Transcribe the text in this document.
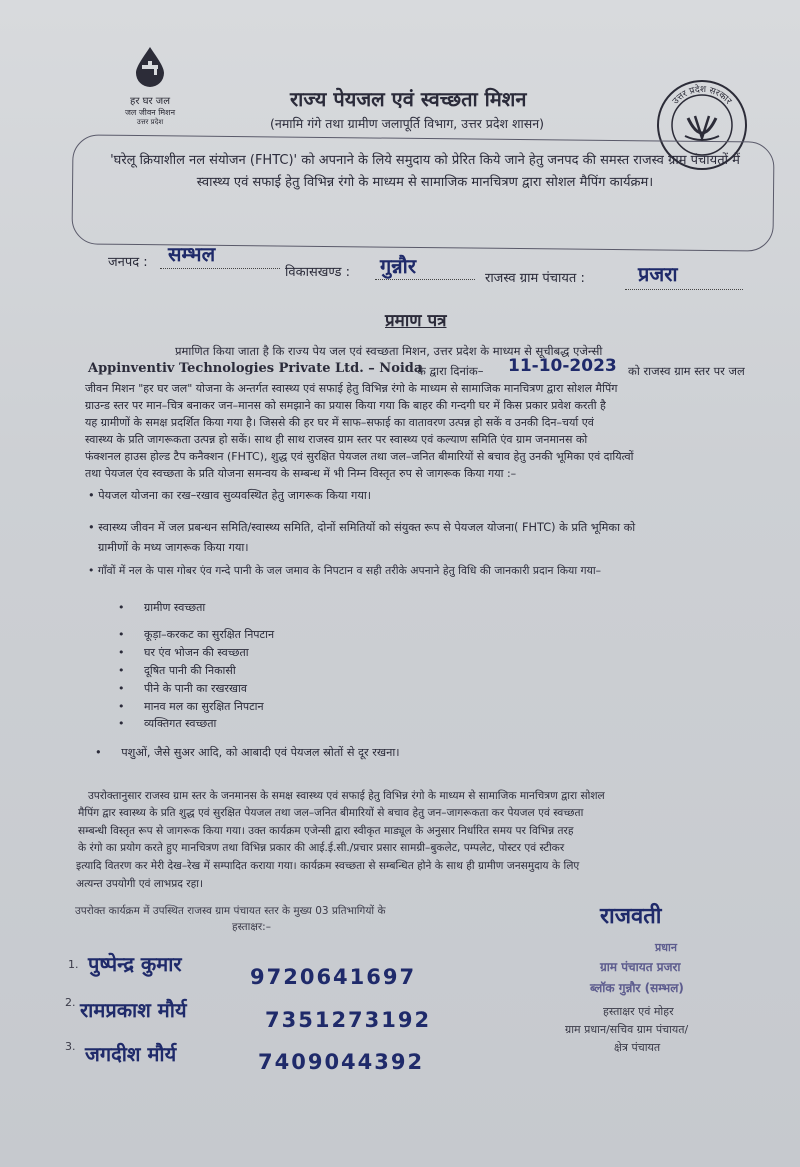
हर घर जल
जल जीवन मिशन
उत्तर प्रदेश
राज्य पेयजल एवं स्वच्छता मिशन
(नमामि गंगे तथा ग्रामीण जलापूर्ति विभाग, उत्तर प्रदेश शासन)
उत्तर प्रदेश सरकार
'घरेलू क्रियाशील नल संयोजन (FHTC)' को अपनाने के लिये समुदाय को प्रेरित किये जाने हेतु जनपद की समस्त राजस्व ग्राम पंचायतों में स्वास्थ्य एवं सफाई हेतु विभिन्न रंगो के माध्यम से सामाजिक मानचित्रण द्वारा सोशल मैपिंग कार्यक्रम।
जनपद : सम्भल
विकासखण्ड : गुन्नौर
राजस्व ग्राम पंचायत :	प्रजरा
प्रमाण पत्र
प्रमाणित किया जाता है कि राज्य पेय जल एवं स्वच्छता मिशन, उत्तर प्रदेश के माध्यम से सूचीबद्ध एजेन्सी
Appinventiv Technologies Private Ltd. – Noida
के द्वारा दिनांक–	11-10-2023 को राजस्व ग्राम स्तर पर जल
जीवन मिशन "हर घर जल" योजना के अन्तर्गत स्वास्थ्य एवं सफाई हेतु विभिन्न रंगो के माध्यम से सामाजिक मानचित्रण द्वारा सोशल मैपिंग
ग्राउन्ड स्तर पर मान–चित्र बनाकर जन–मानस को समझाने का प्रयास किया गया कि बाहर की गन्दगी घर में किस प्रकार प्रवेश करती है
यह ग्रामीणों के समक्ष प्रदर्शित किया गया है। जिससे की हर घर में साफ–सफाई का वातावरण उत्पन्न हो सकें व उनकी दिन–चर्या एवं
स्वास्थ्य के प्रति जागरूकता उत्पन्न हो सकें। साथ ही साथ राजस्व ग्राम स्तर पर स्वास्थ्य एवं कल्याण समिति एंव ग्राम जनमानस को
फंक्शनल हाउस होल्ड टैप कनैक्शन (FHTC), शुद्ध एवं सुरक्षित पेयजल तथा जल–जनित बीमारियों से बचाव हेतु उनकी भूमिका एवं दायित्वों
तथा पेयजल एंव स्वच्छता के प्रति योजना समन्वय के सम्बन्ध में भी निम्न विस्तृत रुप से जागरूक किया गया :–
• पेयजल योजना का रख–रखाव सुव्यवस्थित हेतु जागरूक किया गया।
• स्वास्थ्य जीवन में जल प्रबन्धन समिति/स्वास्थ्य समिति, दोनों समितियों को संयुक्त रूप से पेयजल योजना( FHTC) के प्रति भूमिका को
ग्रामीणों के मध्य जागरूक किया गया।
• गाँवों में नल के पास गोबर एंव गन्दे पानी के जल जमाव के निपटान व सही तरीके अपनाने हेतु विधि की जानकारी प्रदान किया गया–
• ग्रामीण स्वच्छता
• कूड़ा–करकट का सुरक्षित निपटान
• घर एंव भोजन की स्वच्छता
• दूषित पानी की निकासी
• पीने के पानी का रखरखाव
• मानव मल का सुरक्षित निपटान
• व्यक्तिगत स्वच्छता
• पशुओं, जैसे सुअर आदि, को आबादी एवं पेयजल स्रोतों से दूर रखना।
उपरोक्तानुसार राजस्व ग्राम स्तर के जनमानस के समक्ष स्वास्थ्य एवं सफाई हेतु विभिन्न रंगो के माध्यम से सामाजिक मानचित्रण द्वारा सोशल
मैपिंग द्वार स्वास्थ्य के प्रति शुद्ध एवं सुरक्षित पेयजल तथा जल–जनित बीमारियों से बचाव हेतु जन–जागरूकता कर पेयजल एवं स्वच्छता
सम्बन्धी विस्तृत रूप से जागरूक किया गया। उक्त कार्यक्रम एजेन्सी द्वारा स्वीकृत माड्यूल के अनुसार निर्धारित समय पर विभिन्न तरह
के रंगो का प्रयोग करते हुए मानचित्रण तथा विभिन्न प्रकार की आई.ई.सी./प्रचार प्रसार सामग्री–बुकलेट, पम्पलेट, पोस्टर एवं स्टीकर
इत्यादि वितरण कर मेरी देख–रेख में सम्पादित कराया गया। कार्यक्रम स्वच्छता से सम्बन्धित होने के साथ ही ग्रामीण जनसमुदाय के लिए
अत्यन्त उपयोगी एवं लाभप्रद रहा।
उपरोक्त कार्यक्रम में उपस्थित राजस्व ग्राम पंचायत स्तर के मुख्य 03 प्रतिभागियों के
हस्ताक्षर:–
1. पुष्पेन्द्र कुमार
9720641697
2. रामप्रकाश मौर्य	7351273192
3. जगदीश मौर्य	7409044392
राजवती
प्रधान
ग्राम पंचायत प्रजरा
ब्लॉक गुन्नौर (सम्भल)
हस्ताक्षर एवं मोहर
ग्राम प्रधान/सचिव ग्राम पंचायत/
क्षेत्र पंचायत
